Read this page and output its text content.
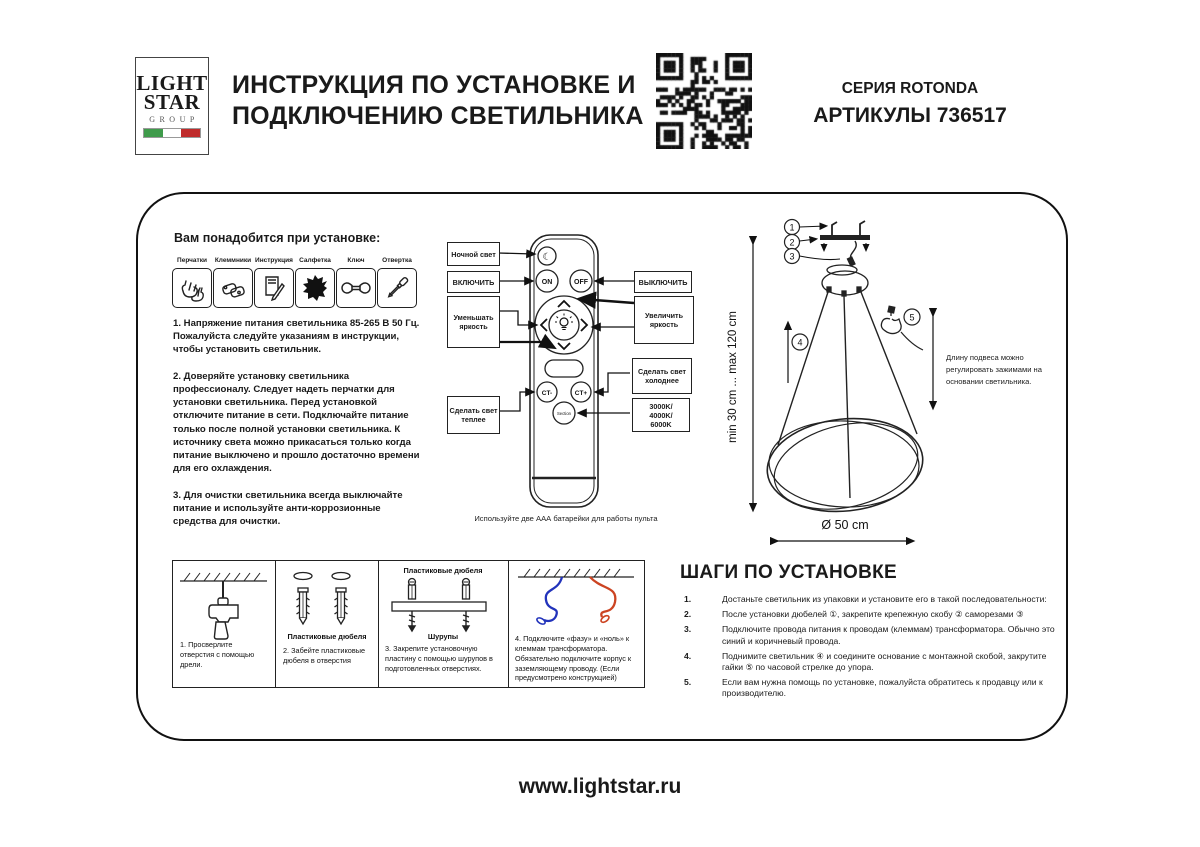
LIGHT
STAR
GROUP
ИНСТРУКЦИЯ ПО УСТАНОВКЕ И
ПОДКЛЮЧЕНИЮ СВЕТИЛЬНИКА
СЕРИЯ ROTONDA
АРТИКУЛЫ 736517
Вам понадобится при установке:
Перчатки Клеммники Инструкция Салфетка	Ключ	Отвертка

1. Напряжение питания светильника 85-265 В 50 Гц. Пожалуйста следуйте указаниям в инструкции, чтобы установить светильник.

2. Доверяйте установку светильника профессионалу. Следует надеть перчатки для установки светильника. Перед установкой отключите питание в сети. Подключайте питание только после полной установки светильника. К источнику света можно прикасаться только когда питание выключено и прошло достаточно времени для его охлаждения.

3. Для очистки светильника всегда выключайте питание и используйте анти-коррозионные средства для очистки.

☾
ON	OFF
CT-	CT+
Section
Ночной свет
ВКЛЮЧИТЬ
Уменьшать яркость
Сделать свет теплее
ВЫКЛЮЧИТЬ
Увеличить яркость
Сделать свет холоднее
3000K/ 4000K/ 6000K
Используйте две ААА батарейки для работы пульта
min 30 cm ... max 120 cm
1
2
3
4
5
Ø 50 cm
Длину подвеса можно регулировать зажимами на основании светильника.
1. Просверлите отверстия с помощью дрели.
Пластиковые дюбеля
2. Забейте пластиковые дюбеля в отверстия
Пластиковые дюбеля
Шурупы
3. Закрепите установочную пластину с помощью шурупов в подготовленных отверстиях.
4. Подключите «фазу» и «ноль» к клеммам трансформатора. Обязательно подключите корпус к заземляющему проводу. (Если предусмотрено конструкцией)
ШАГИ ПО УСТАНОВКЕ
1.	Достаньте светильник из упаковки и установите его в такой последовательности:
2.	После установки дюбелей ①, закрепите крепежную скобу ② саморезами ③
3.	Подключите провода питания к проводам (клеммам) трансформатора. Обычно это синий и коричневый провода.
4.	Поднимите светильник ④ и соедините основание с монтажной скобой, закрутите гайки ⑤ по часовой стрелке до упора.
5.	Если вам нужна помощь по установке, пожалуйста обратитесь к продавцу или к производителю.
www.lightstar.ru
